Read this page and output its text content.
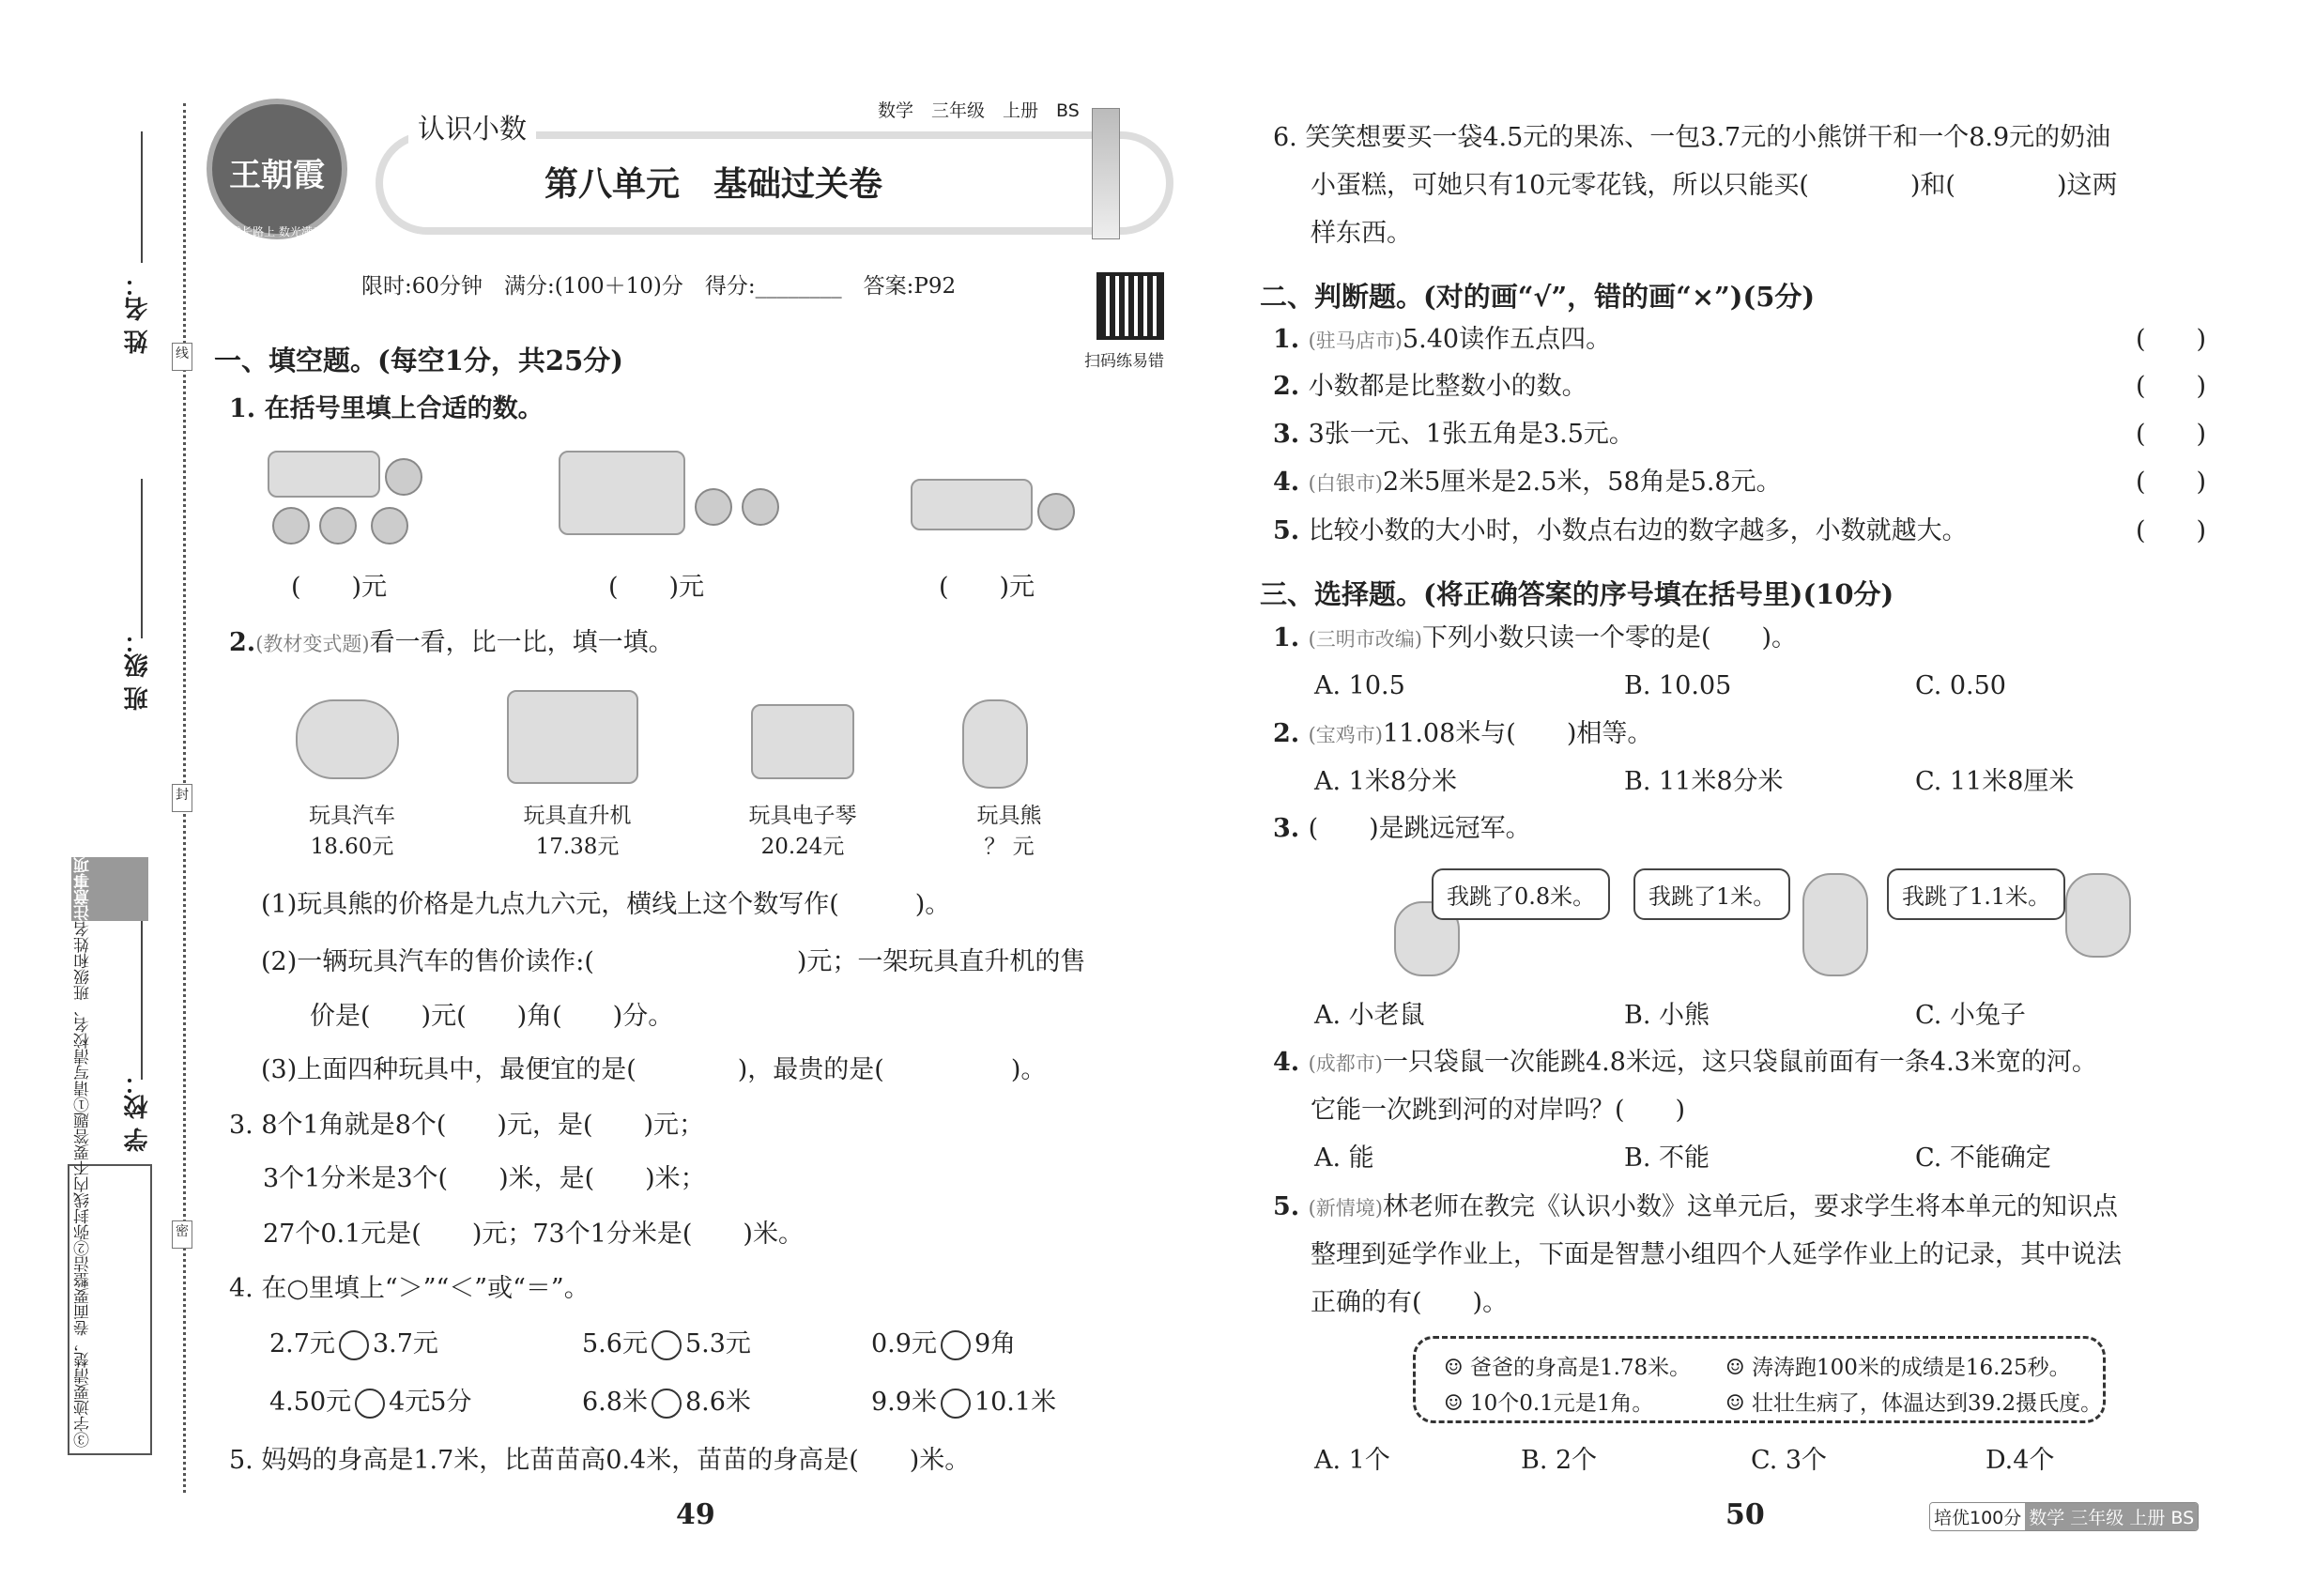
姓 名：
班 级：
学 校：
线
封
密
注意事项
①请写清校名、班级和姓名
②弥封线内不要答题
③字迹要清楚，卷面要整洁
王朝霞
成长路上 数光满天
认识小数
数学　三年级　上册　BS
第八单元　基础过关卷
限时:60分钟　满分:(100＋10)分　得分:________　答案:P92
扫码练易错
一、填空题。(每空1分，共25分)
1. 在括号里填上合适的数。
(　　)元	(　　)元	(　　)元
2.(教材变式题)看一看，比一比，填一填。
玩具汽车
18.60元
玩具直升机
17.38元
玩具电子琴
20.24元
玩具熊
？ 元
(1)玩具熊的价格是九点九六元，横线上这个数写作(　　　)。
(2)一辆玩具汽车的售价读作:(　　　　　　　　)元；一架玩具直升机的售
价是(　　)元(　　)角(　　)分。
(3)上面四种玩具中，最便宜的是(　　　　)，最贵的是(　　　　　)。
3. 8个1角就是8个(　　)元，是(　　)元；
3个1分米是3个(　　)米，是(　　)米；
27个0.1元是(　　)元；73个1分米是(　　)米。
4. 在○里填上“＞”“＜”或“＝”。
2.7元 3.7元	5.6元 5.3元	0.9元 9角
4.50元 4元5分	6.8米 8.6米	9.9米 10.1米
5. 妈妈的身高是1.7米，比苗苗高0.4米，苗苗的身高是(　　)米。
49
6. 笑笑想要买一袋4.5元的果冻、一包3.7元的小熊饼干和一个8.9元的奶油
小蛋糕，可她只有10元零花钱，所以只能买(　　　　)和(　　　　)这两
样东西。
二、判断题。(对的画“√”，错的画“×”)(5分)
1. (驻马店市)5.40读作五点四。	(　　)
2. 小数都是比整数小的数。	(　　)
3. 3张一元、1张五角是3.5元。	(　　)
4. (白银市)2米5厘米是2.5米，58角是5.8元。	(　　)
5. 比较小数的大小时，小数点右边的数字越多，小数就越大。	(　　)
三、选择题。(将正确答案的序号填在括号里)(10分)
1. (三明市改编)下列小数只读一个零的是(　　)。
A. 10.5	B. 10.05	C. 0.50
2. (宝鸡市)11.08米与(　　)相等。
A. 1米8分米	B. 11米8分米	C. 11米8厘米
3. (　　)是跳远冠军。
我跳了0.8米。	我跳了1米。	我跳了1.1米。
A. 小老鼠	B. 小熊	C. 小兔子
4. (成都市)一只袋鼠一次能跳4.8米远，这只袋鼠前面有一条4.3米宽的河。
它能一次跳到河的对岸吗？(　　)
A. 能	B. 不能	C. 不能确定
5. (新情境)林老师在教完《认识小数》这单元后，要求学生将本单元的知识点
整理到延学作业上，下面是智慧小组四个人延学作业上的记录，其中说法
正确的有(　　)。
☺ 爸爸的身高是1.78米。 ☺ 涛涛跑100米的成绩是16.25秒。
☺ 10个0.1元是1角。	☺ 壮壮生病了，体温达到39.2摄氏度。
A. 1个	B. 2个	C. 3个	D.4个
50	培优100分 数学 三年级 上册 BS
